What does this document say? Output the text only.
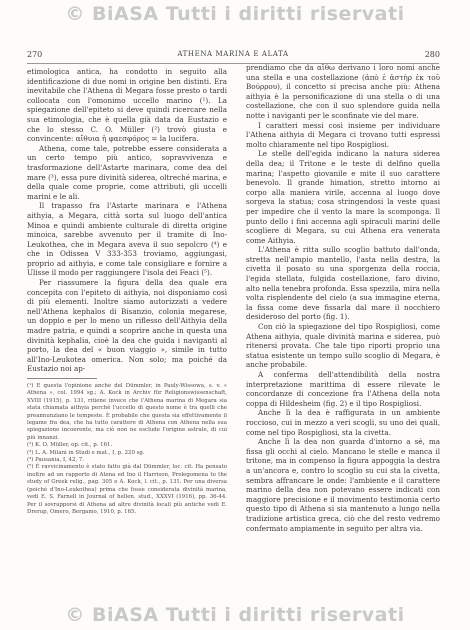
© BiASA Tutti i diritti riservati
270	ATHENA MARINA E ALATA

etimologica antica, ha condotto in seguito alla identificazione di due nomi in origine ben distinti. Era inevitabile che l'Athena di Megara fosse presto o tardi collocata con l'omonimo uccello marino (¹). La spiegazione dell'epiteto si deve quindi ricercare nella sua etimologia, che è quella già data da Eustazio e che lo stesso C. O. Müller (²) trovò giusta e convincente: αἴθυια ἡ φαεσφόρος = la lucifera.

Athena, come tale, potrebbe essere considerata a un certo tempo più antico, sopravvivenza e trasformazione dell'Astarte marinara, come dea del mare (³), essa pure divinità siderea, oltreché marina, e della quale come proprie, come attributi, gli uccelli marini e le ali.

Il trapasso fra l'Astarte marinara e l'Athena aithyia, a Megara, città sorta sul luogo dell'antica Minoa e quindi ambiente culturale di diretta origine minoica, sarebbe avvenuto per il tramite di Ino-Leukothea, che in Megara aveva il suo sepolcro (⁴) e che in Odissea V 333-353 troviamo, aggiungasi, proprio ad aithyia, e come tale consigliare e fornire a Ulisse il modo per raggiungere l'isola dei Feaci (⁵).

Per riassumere la figura della dea quale era concepita con l'epiteto di aithyia, noi disponiamo così di più elementi. Inoltre siamo autorizzati a vedere nell'Athena kephalos di Bisanzio, colonia megarese, un doppio e per lo meno un riflesso dell'Aithyia della madre patria, e quindi a scoprire anche in questa una divinità kephalia, cioè la dea che guida i naviganti al porto, la dea del « buon viaggio », simile in tutto all'Ino-Leukotea omerica. Non solo; ma poiché da Eustazio noi ap-

(¹) E questa l'opinione anche del Dümmler, in Pauly-Wissowa, s. v. « Athena », col. 1994 sg.; A. Kock in Archiv für Religionswissenschaft, XVIII (1915), p. 131, ritiene invece che l'Athena marina di Megara sia stata chiamata aithyia perché l'uccello di questo nome è tra quelli che preannunziano le tempeste. È probabile che questa sia effettivamente il legame fra dea, che ha tutto carattere di Athena con Athena nella sua spiegazione incoerente, ma ciò non ne esclude l'origine astrale, di cui più innanzi.

(²) K. O. Müller, op. cit., p. 161.

(³) L. A. Milani in Studi e mat., I, p. 220 sg.

(⁴) Pausania, I, 42, 7.

(⁵) È ravvicinamento è stato fatto già dal Dümmler, loc. cit. Ha pensato inoltre ad un rapporto di Atena ed Ino il Harrison, Prolegomena to the study of Greek relig., pag. 305 e A. Kock, l. cit., p. 131. Per una diversa (poichè d'Ino-Leukothea) prima che fosse considerata divinità marina, vedi E. S. Farnell in Journal of hellen. stud., XXXVI (1916), pp. 36-44. Per il sovrapporsi di Athena ad altre divinità locali più antiche vedi E. Drerup, Omero, Bergamo, 1910, p. 165.

280

prendiamo che da αἴθω derivano i loro nomi anche una stella e una costellazione (ἀπὸ ἑ ἀστὴρ ἐκ τοῦ Βούρρου), il concetto si precisa anche più: Athena aithyia è la personificazione di una stella o di una costellazione, che con il suo splendore guida nella notte i naviganti per le sconfinate vie del mare.

I caratteri messi così insieme per individuare l'Athena aithyia di Megara ci trovano tutti espressi molto chiaramente nel tipo Rospigliosi.

Le stelle dell'egida indicano la natura siderea della dea; il Tritone e le teste di delfino quella marina; l'aspetto giovanile e mite il suo carattere benevolo. Il grande himation, stretto intorno ai corpo alla maniera virile, accenna al luogo dove sorgeva la statua; cosa stringendosi la veste quasi per impedire che il vento la mare la scomponga. Il punto dello i fini accenna agli spiraculi marini delle scogliere di Megara, su cui Athena era venerata come Aithyia.

L'Athena è ritta sullo scoglio battuto dall'onda, stretta nell'ampio mantello, l'asta nella destra, la civetta il posato su una sporgenza della roccia, l'egida stellata, fulgida costellazione, faro divino, alto nella tenebra profonda. Essa spezzila, mira nella volta risplendente del cielo (a sua immagine eterna, la fissa come deve fissarla dal mare il nocchiero desideroso del porto (fig. 1).

Con ciò la spiegazione del tipo Rospigliosi, come Athena aithyia, quale divinità marina e siderea, può ritenersi provata. Che tale tipo riporti proprio una statua esistente un tempo sullo scoglio di Megara, è anche probabile.

A conferma dell'attendibilità della nostra interpretazione marittima di essere rilevate le concordanze di concezione fra l'Athena della nota coppa di Hildesheim (fig. 2) e il tipo Rospigliosi.

Anche lì la dea è raffigurata in un ambiente roccioso, cui in mezzo a veri scogli, su uno dei quali, come nel tipo Rospigliosi, sta la civetta.

Anche lì la dea non guarda d'intorno a sé, ma fissa gli occhi al cielo. Mancano le stelle e manca il tritone, ma in compenso la figura appoggia la destra a un'ancora e, contro lo scoglio su cui sta la civetta, sembra affrancare le onde: l'ambiente e il carattere marino della dea non potevano essere indicati con maggiore precisione e il movimento testimonia certo questo tipo di Athena si sia mantenuto a lungo nella tradizione artistica greca, ciò che del resto vedremo confermato ampiamente in seguito per altra via.

© BiASA Tutti i diritti riservati
